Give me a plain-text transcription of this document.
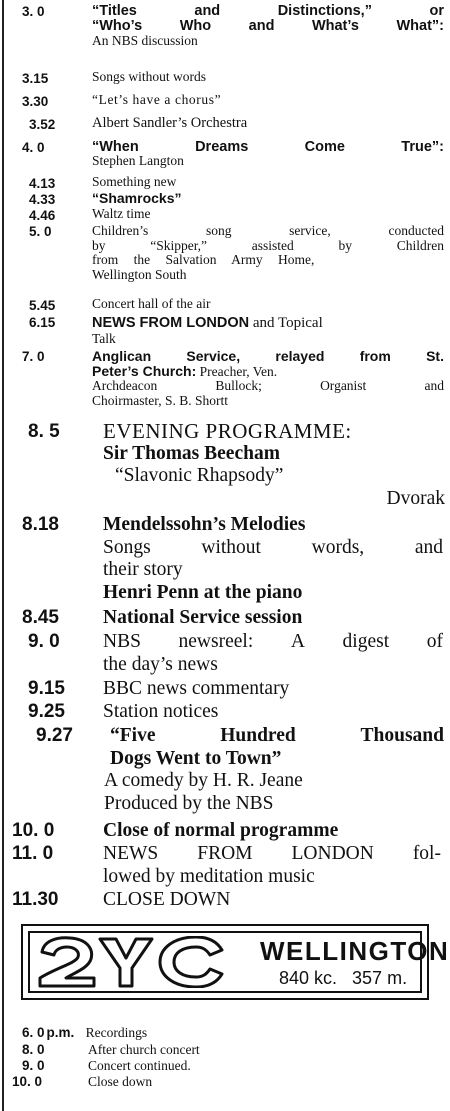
3. 0	“Titles	and	Distinctions,”	or
“Who’s	Who	and	What’s	What”:
An NBS discussion
3.15	Songs without words
3.30	“Let’s have a chorus”
3.52	Albert Sandler’s Orchestra
4. 0	“When	Dreams	Come	True”:
Stephen Langton
4.13	Something new
4.33	“Shamrocks”
4.46	Waltz time
5. 0	Children’s	song	service,	conducted
by	“Skipper,”	assisted	by	Children
from the Salvation Army Home,
Wellington South
5.45	Concert hall of the air
6.15	NEWS FROM LONDON and Topical
Talk
7. 0	Anglican	Service,	relayed	from	St.
Peter’s Church: Preacher, Ven.
Archdeacon	Bullock;	Organist	and
Choirmaster, S. B. Shortt
8. 5 EVENING PROGRAMME:
Sir Thomas Beecham
“Slavonic Rhapsody”
Dvorak
8.18 Mendelssohn’s Melodies
Songs	without	words,	and
their story
Henri Penn at the piano
8.45 National Service session
9. 0 NBS newsreel: A digest of
the day’s news
9.15 BBC news commentary
9.25 Station notices
9.27 “Five	Hundred	Thousand
Dogs Went to Town”
A comedy by H. R. Jeane
Produced by the NBS
10. 0 Close of normal programme
11. 0	NEWS FROM LONDON fol-
lowed by meditation music
11.30 CLOSE DOWN
WELLINGTON
840 kc.   357 m.
6. 0 p.m. Recordings
8. 0	After church concert
9. 0	Concert continued.
10. 0	Close down
